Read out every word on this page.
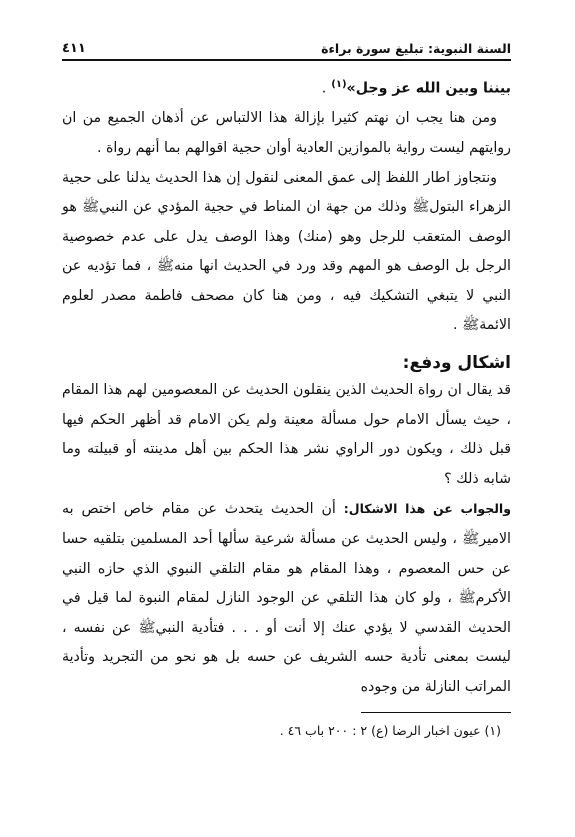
السنة النبوية: تبليغ سورة براءة
٤١١

بيننا وبين الله عز وجل»$^{(١)}$ .

ومن هنا يجب ان نهتم كثيرا بإزالة هذا الالتباس عن أذهان الجميع من ان روايتهم ليست رواية بالموازين العادية أوان حجية اقوالهم بما أنهم رواة .

ونتجاوز اطار اللفظ إلى عمق المعنى لنقول إن هذا الحديث يدلنا على حجية الزهراء البتولﷺ وذلك من جهة ان المناط في حجية المؤدي عن النبيﷺ هو الوصف المتعقب للرجل وهو (منك) وهذا الوصف يدل على عدم خصوصية الرجل بل الوصف هو المهم وقد ورد في الحديث انها منهﷺ ، فما تؤديه عن النبي لا يتبغي التشكيك فيه ، ومن هنا كان مصحف فاطمة مصدر لعلوم الائمةﷺ .

اشكال ودفع:

قد يقال ان رواة الحديث الذين ينقلون الحديث عن المعصومين لهم هذا المقام ، حيث يسأل الامام حول مسألة معينة ولم يكن الامام قد أظهر الحكم فيها قبل ذلك ، ويكون دور الراوي نشر هذا الحكم بين أهل مدينته أو قبيلته وما شابه ذلك ؟

والجواب عن هذا الاشكال: أن الحديث يتحدث عن مقام خاص اختص به الاميرﷺ ، وليس الحديث عن مسألة شرعية سألها أحد المسلمين بتلقيه حسا عن حس المعصوم ، وهذا المقام هو مقام التلقي النبوي الذي حازه النبي الأكرمﷺ ، ولو كان هذا التلقي عن الوجود النازل لمقام النبوة لما قيل في الحديث القدسي لا يؤدي عنك إلا أنت أو . . . فتأدية النبيﷺ عن نفسه ، ليست بمعنى تأدية حسه الشريف عن حسه بل هو نحو من التجريد وتأدية المراتب النازلة من وجوده

(١) عيون اخبار الرضا (ع) ٢ : ٢٠٠ باب ٤٦ .
